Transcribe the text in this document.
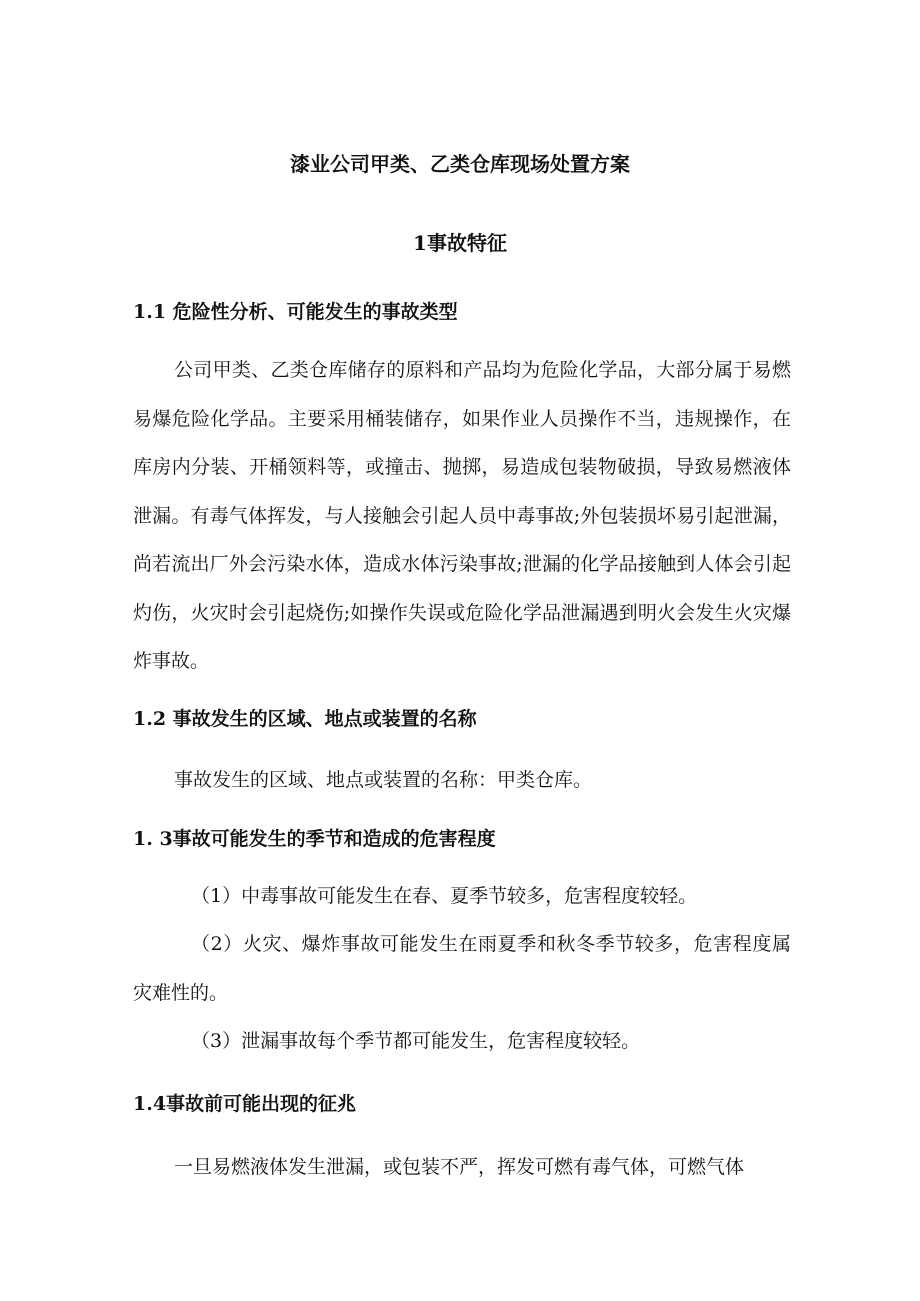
漆业公司甲类、乙类仓库现场处置方案
1事故特征
1.1 危险性分析、可能发生的事故类型

公司甲类、乙类仓库储存的原料和产品均为危险化学品，大部分属于易燃易爆危险化学品。主要采用桶装储存，如果作业人员操作不当，违规操作，在库房内分装、开桶领料等，或撞击、抛掷，易造成包装物破损，导致易燃液体泄漏。有毒气体挥发，与人接触会引起人员中毒事故;外包装损坏易引起泄漏，尚若流出厂外会污染水体，造成水体污染事故;泄漏的化学品接触到人体会引起灼伤，火灾时会引起烧伤;如操作失误或危险化学品泄漏遇到明火会发生火灾爆炸事故。

1.2 事故发生的区域、地点或装置的名称

事故发生的区域、地点或装置的名称：甲类仓库。

1. 3事故可能发生的季节和造成的危害程度

（1）中毒事故可能发生在春、夏季节较多，危害程度较轻。

（2）火灾、爆炸事故可能发生在雨夏季和秋冬季节较多，危害程度属灾难性的。

（3）泄漏事故每个季节都可能发生，危害程度较轻。

1.4事故前可能出现的征兆

一旦易燃液体发生泄漏，或包装不严，挥发可燃有毒气体，可燃气体
